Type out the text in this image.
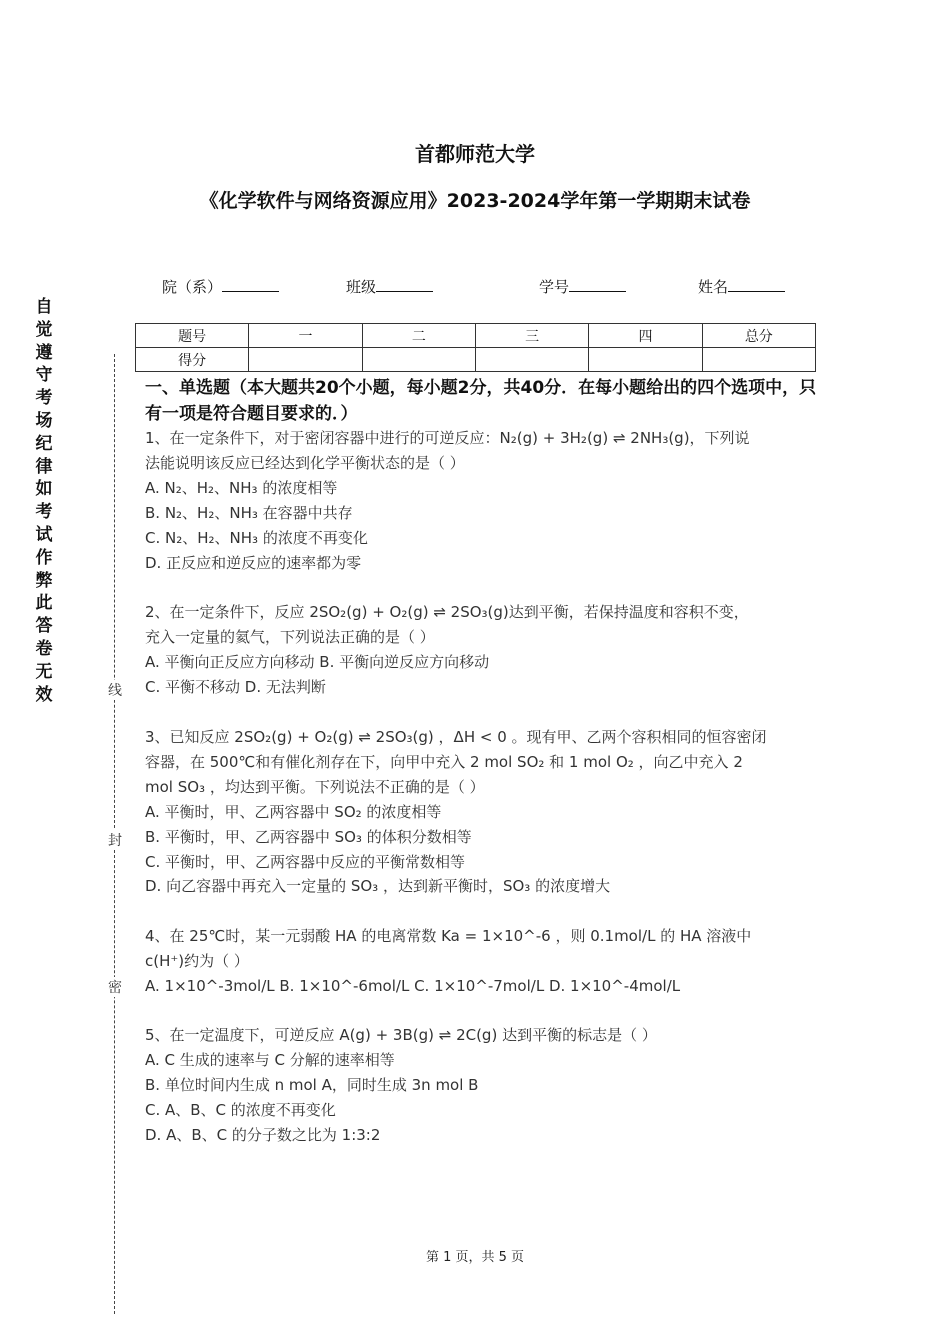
首都师范大学
《化学软件与网络资源应用》2023-2024学年第一学期期末试卷
院（系）	班级	学号	姓名
题号	一	二	三	四	总分
得分					
自觉遵守考场纪律如考试作弊此答卷无效	线
封
密
一、单选题（本大题共20个小题，每小题2分，共40分．在每小题给出的四个选项中，只有一项是符合题目要求的．）
1、在一定条件下，对于密闭容器中进行的可逆反应：N₂(g) + 3H₂(g) ⇌ 2NH₃(g)，下列说
法能说明该反应已经达到化学平衡状态的是（ ）
A. N₂、H₂、NH₃ 的浓度相等
B. N₂、H₂、NH₃ 在容器中共存
C. N₂、H₂、NH₃ 的浓度不再变化
D. 正反应和逆反应的速率都为零
2、在一定条件下，反应 2SO₂(g) + O₂(g) ⇌ 2SO₃(g)达到平衡，若保持温度和容积不变，
充入一定量的氦气，下列说法正确的是（ ）
A. 平衡向正反应方向移动 B. 平衡向逆反应方向移动
C. 平衡不移动 D. 无法判断
3、已知反应 2SO₂(g) + O₂(g) ⇌ 2SO₃(g) ，ΔH < 0 。现有甲、乙两个容积相同的恒容密闭
容器，在 500℃和有催化剂存在下，向甲中充入 2 mol SO₂ 和 1 mol O₂ ，向乙中充入 2
mol SO₃ ，均达到平衡。下列说法不正确的是（ ）
A. 平衡时，甲、乙两容器中 SO₂ 的浓度相等
B. 平衡时，甲、乙两容器中 SO₃ 的体积分数相等
C. 平衡时，甲、乙两容器中反应的平衡常数相等
D. 向乙容器中再充入一定量的 SO₃ ，达到新平衡时，SO₃ 的浓度增大
4、在 25℃时，某一元弱酸 HA 的电离常数 Ka = 1×10^-6 ，则 0.1mol/L 的 HA 溶液中
c(H⁺)约为（ ）
A. 1×10^-3mol/L B. 1×10^-6mol/L C. 1×10^-7mol/L D. 1×10^-4mol/L
5、在一定温度下，可逆反应 A(g) + 3B(g) ⇌ 2C(g) 达到平衡的标志是（ ）
A. C 生成的速率与 C 分解的速率相等
B. 单位时间内生成 n mol A，同时生成 3n mol B
C. A、B、C 的浓度不再变化
D. A、B、C 的分子数之比为 1:3:2
第 1 页，共 5 页
